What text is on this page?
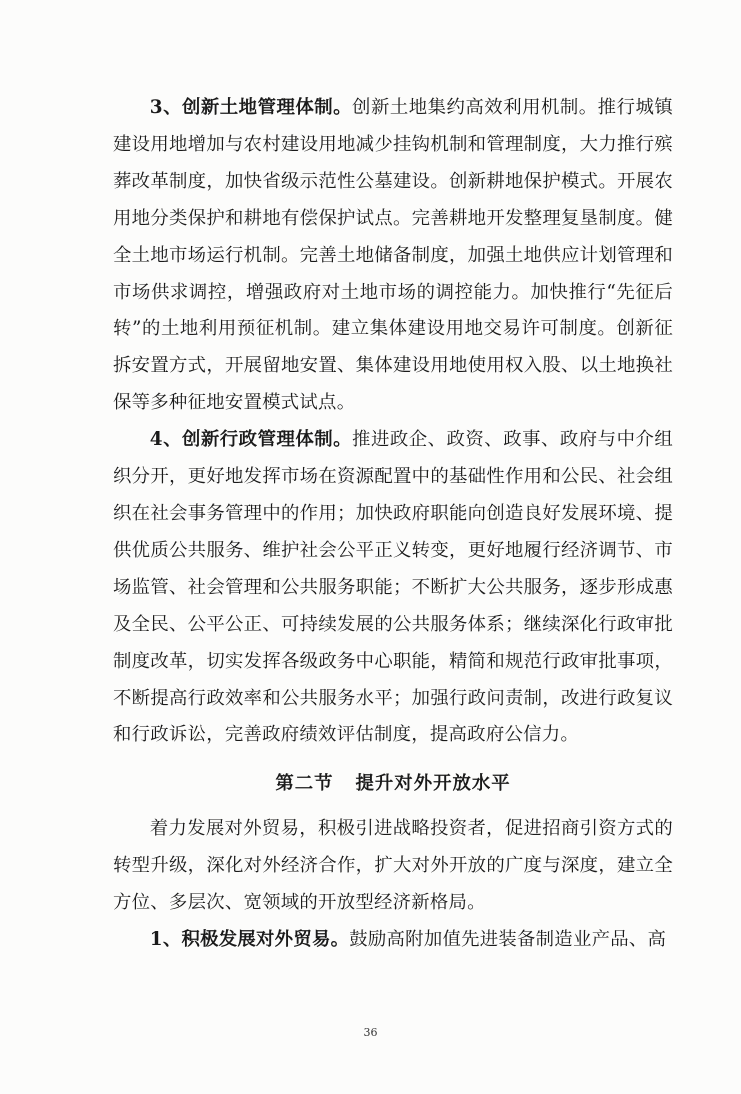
3、创新土地管理体制。创新土地集约高效利用机制。推行城镇建设用地增加与农村建设用地减少挂钩机制和管理制度，大力推行殡葬改革制度，加快省级示范性公墓建设。创新耕地保护模式。开展农用地分类保护和耕地有偿保护试点。完善耕地开发整理复垦制度。健全土地市场运行机制。完善土地储备制度，加强土地供应计划管理和市场供求调控，增强政府对土地市场的调控能力。加快推行“先征后转”的土地利用预征机制。建立集体建设用地交易许可制度。创新征拆安置方式，开展留地安置、集体建设用地使用权入股、以土地换社保等多种征地安置模式试点。

4、创新行政管理体制。推进政企、政资、政事、政府与中介组织分开，更好地发挥市场在资源配置中的基础性作用和公民、社会组织在社会事务管理中的作用；加快政府职能向创造良好发展环境、提供优质公共服务、维护社会公平正义转变，更好地履行经济调节、市场监管、社会管理和公共服务职能；不断扩大公共服务，逐步形成惠及全民、公平公正、可持续发展的公共服务体系；继续深化行政审批制度改革，切实发挥各级政务中心职能，精简和规范行政审批事项，不断提高行政效率和公共服务水平；加强行政问责制，改进行政复议和行政诉讼，完善政府绩效评估制度，提高政府公信力。

第二节 提升对外开放水平

着力发展对外贸易，积极引进战略投资者，促进招商引资方式的转型升级，深化对外经济合作，扩大对外开放的广度与深度，建立全方位、多层次、宽领域的开放型经济新格局。

1、积极发展对外贸易。鼓励高附加值先进装备制造业产品、高

36
